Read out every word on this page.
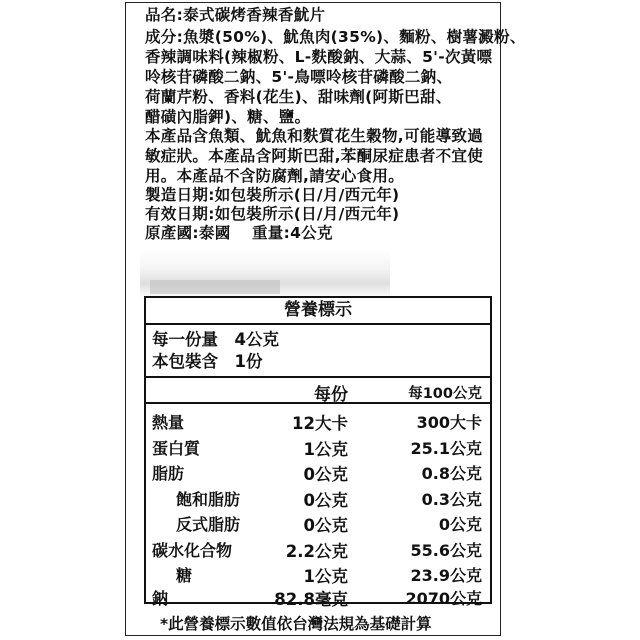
品名:泰式碳烤香辣香魷片
成分:魚漿(50%)、魷魚肉(35%)、麵粉、樹薯澱粉、
香辣調味料(辣椒粉、L-麩酸鈉、大蒜、5'-次黃嘌
呤核苷磷酸二鈉、5'-鳥嘌呤核苷磷酸二鈉、
荷蘭芹粉、香料(花生)、甜味劑(阿斯巴甜、
醋磺內脂鉀)、糖、鹽。
本產品含魚類、魷魚和麩質花生穀物,可能導致過
敏症狀。本產品含阿斯巴甜,苯酮尿症患者不宜使
用。本產品不含防腐劑,請安心食用。
製造日期:如包裝所示(日/月/西元年)
有效日期:如包裝所示(日/月/西元年)
原產國:泰國　 重量:4公克
營養標示
每一份量　4公克
本包裝含　1份
每份	每100公克
熱量	12大卡	300大卡
蛋白質	1公克	25.1公克
脂肪	0公克	0.8公克
飽和脂肪	0公克	0.3公克
反式脂肪	0公克	0公克
碳水化合物	2.2公克	55.6公克
糖	1公克	23.9公克
鈉	82.8毫克	2070公克
*此營養標示數值依台灣法規為基礎計算
